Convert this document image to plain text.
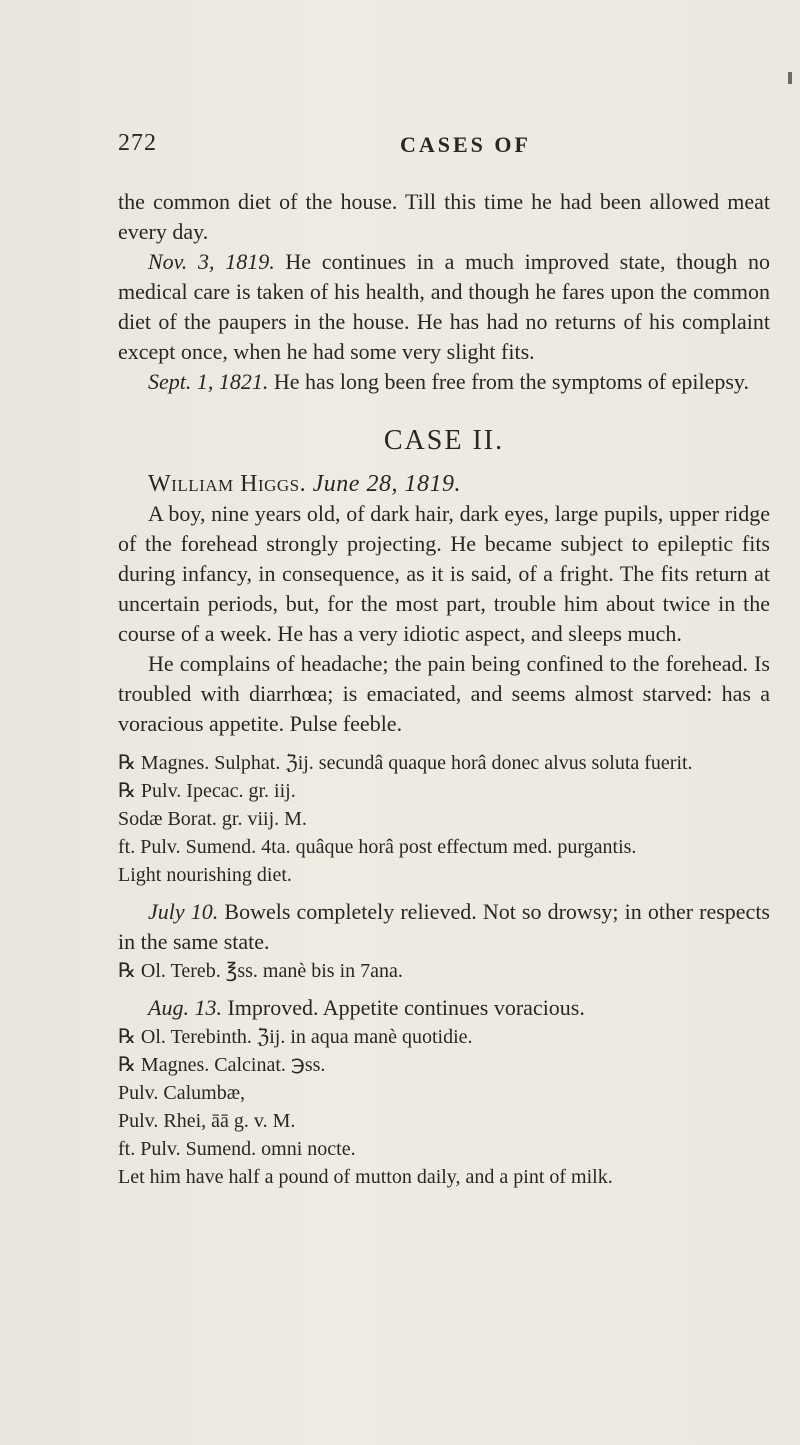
272	CASES OF

the common diet of the house. Till this time he had been allowed meat every day.

Nov. 3, 1819. He continues in a much improved state, though no medical care is taken of his health, and though he fares upon the common diet of the paupers in the house. He has had no returns of his complaint except once, when he had some very slight fits.

Sept. 1, 1821. He has long been free from the symptoms of epilepsy.

CASE II.

William Higgs. June 28, 1819.

A boy, nine years old, of dark hair, dark eyes, large pupils, upper ridge of the forehead strongly projecting. He became subject to epileptic fits during infancy, in consequence, as it is said, of a fright. The fits return at uncertain periods, but, for the most part, trouble him about twice in the course of a week. He has a very idiotic aspect, and sleeps much.

He complains of headache; the pain being confined to the forehead. Is troubled with diarrhœa; is emaciated, and seems almost starved: has a voracious appetite. Pulse feeble.

℞ Magnes. Sulphat. ℨij. secundâ quaque horâ donec alvus soluta fuerit.

℞ Pulv. Ipecac. gr. iij.

Sodæ Borat. gr. viij. M.

ft. Pulv. Sumend. 4ta. quâque horâ post effectum med. purgantis.

Light nourishing diet.

July 10. Bowels completely relieved. Not so drowsy; in other respects in the same state.

℞ Ol. Tereb. ℥ss. manè bis in 7ana.

Aug. 13. Improved. Appetite continues voracious.

℞ Ol. Terebinth. ℨij. in aqua manè quotidie.

℞ Magnes. Calcinat. ℈ss.

Pulv. Calumbæ,

Pulv. Rhei, āā g. v. M.

ft. Pulv. Sumend. omni nocte.

Let him have half a pound of mutton daily, and a pint of milk.
